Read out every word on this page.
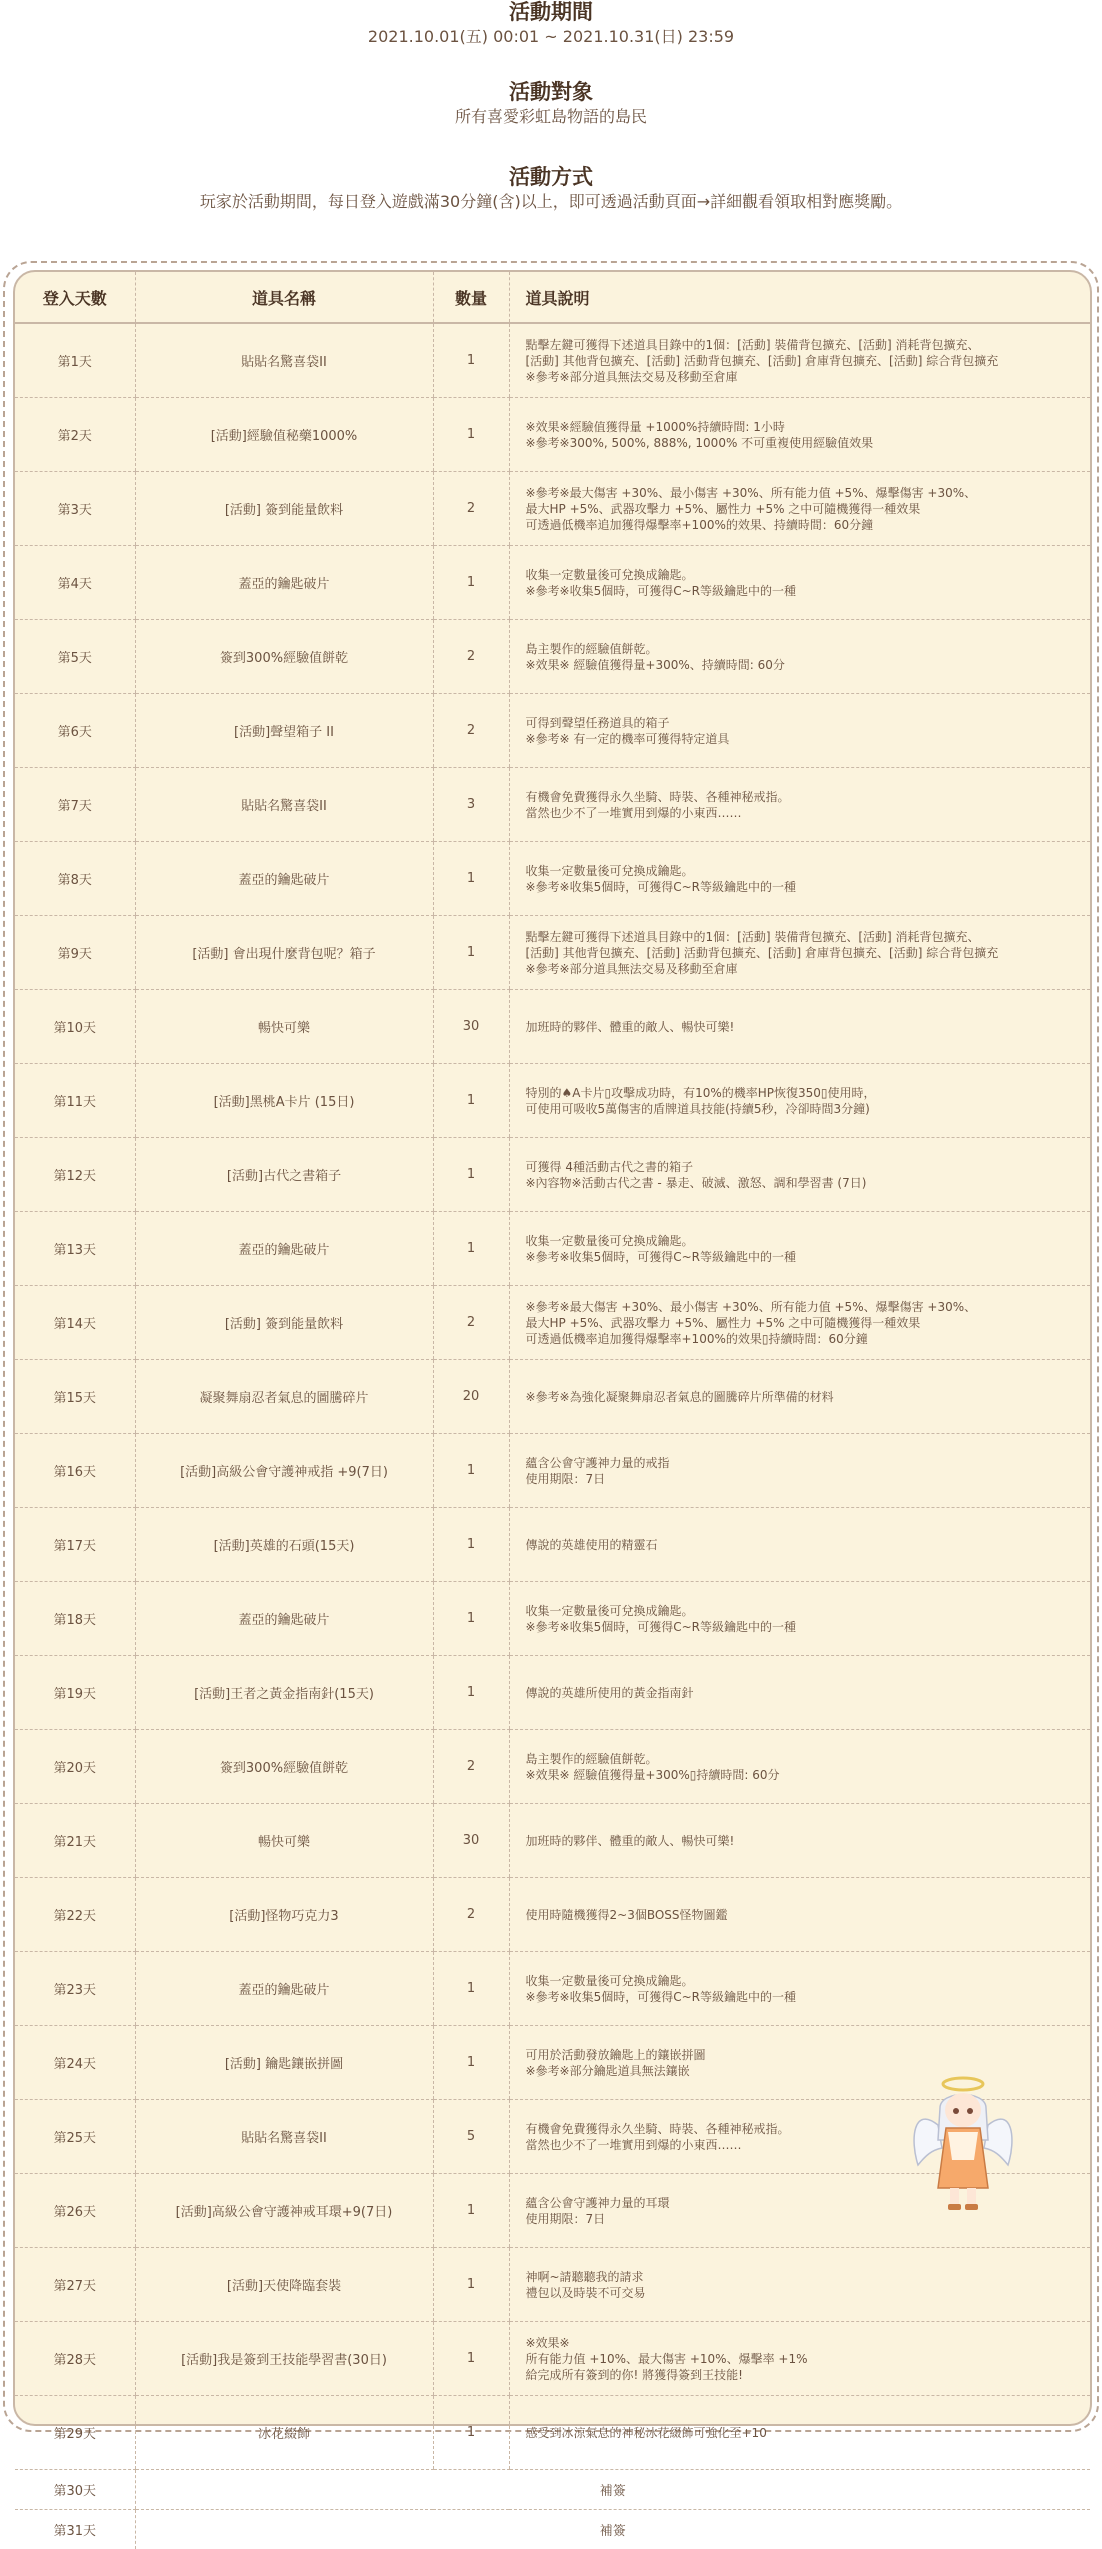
活動期間
2021.10.01(五) 00:01 ~ 2021.10.31(日) 23:59
活動對象
所有喜愛彩虹島物語的島民
活動方式
玩家於活動期間，每日登入遊戲滿30分鐘(含)以上，即可透過活動頁面→詳細觀看領取相對應獎勵。
登入天數	道具名稱	數量	道具說明
第1天	貼貼名驚喜袋II	1	點擊左鍵可獲得下述道具目錄中的1個：[活動] 裝備背包擴充、[活動] 消耗背包擴充、
[活動] 其他背包擴充、[活動] 活動背包擴充、[活動] 倉庫背包擴充、[活動] 綜合背包擴充
※參考※部分道具無法交易及移動至倉庫

第2天	[活動]經驗值秘藥1000%	1	※效果※經驗值獲得量 +1000%持續時間: 1小時
※參考※300%, 500%, 888%, 1000% 不可重複使用經驗值效果

第3天	[活動] 簽到能量飲料	2	※參考※最大傷害 +30%、最小傷害 +30%、所有能力值 +5%、爆擊傷害 +30%、
最大HP +5%、武器攻擊力 +5%、屬性力 +5% 之中可隨機獲得一種效果
可透過低機率追加獲得爆擊率+100%的效果、持續時間：60分鐘

第4天	蓋亞的鑰匙破片	1	收集一定數量後可兌換成鑰匙。
※參考※收集5個時，可獲得C~R等級鑰匙中的一種

第5天	簽到300%經驗值餅乾	2	島主製作的經驗值餅乾。
※效果※ 經驗值獲得量+300%、持續時間: 60分

第6天	[活動]聲望箱子 II	2	可得到聲望任務道具的箱子
※參考※ 有一定的機率可獲得特定道具

第7天	貼貼名驚喜袋II	3	有機會免費獲得永久坐騎、時裝、各種神秘戒指。
當然也少不了一堆實用到爆的小東西……

第8天	蓋亞的鑰匙破片	1	收集一定數量後可兌換成鑰匙。
※參考※收集5個時，可獲得C~R等級鑰匙中的一種

第9天	[活動] 會出現什麼背包呢？箱子	1	點擊左鍵可獲得下述道具目錄中的1個：[活動] 裝備背包擴充、[活動] 消耗背包擴充、
[活動] 其他背包擴充、[活動] 活動背包擴充、[活動] 倉庫背包擴充、[活動] 綜合背包擴充
※參考※部分道具無法交易及移動至倉庫

第10天	暢快可樂	30	加班時的夥伴、體重的敵人、暢快可樂!

第11天	[活動]黑桃A卡片 (15日)	1	特別的♠A卡片▯攻擊成功時，有10%的機率HP恢復350▯使用時，
可使用可吸收5萬傷害的盾牌道具技能(持續5秒，冷卻時間3分鐘)

第12天	[活動]古代之書箱子	1	可獲得 4種活動古代之書的箱子
※內容物※活動古代之書 - 暴走、破滅、激怒、調和學習書 (7日)

第13天	蓋亞的鑰匙破片	1	收集一定數量後可兌換成鑰匙。
※參考※收集5個時，可獲得C~R等級鑰匙中的一種

第14天	[活動] 簽到能量飲料	2	※參考※最大傷害 +30%、最小傷害 +30%、所有能力值 +5%、爆擊傷害 +30%、
最大HP +5%、武器攻擊力 +5%、屬性力 +5% 之中可隨機獲得一種效果
可透過低機率追加獲得爆擊率+100%的效果▯持續時間：60分鐘

第15天	凝聚舞扇忍者氣息的圖騰碎片	20	※參考※為強化凝聚舞扇忍者氣息的圖騰碎片所準備的材料

第16天	[活動]高級公會守護神戒指 +9(7日)	1	蘊含公會守護神力量的戒指
使用期限：7日

第17天	[活動]英雄的石頭(15天)	1	傳說的英雄使用的精靈石

第18天	蓋亞的鑰匙破片	1	收集一定數量後可兌換成鑰匙。
※參考※收集5個時，可獲得C~R等級鑰匙中的一種

第19天	[活動]王者之黃金指南針(15天)	1	傳說的英雄所使用的黃金指南針

第20天	簽到300%經驗值餅乾	2	島主製作的經驗值餅乾。
※效果※ 經驗值獲得量+300%▯持續時間: 60分

第21天	暢快可樂	30	加班時的夥伴、體重的敵人、暢快可樂!

第22天	[活動]怪物巧克力3	2	使用時隨機獲得2~3個BOSS怪物圖鑑

第23天	蓋亞的鑰匙破片	1	收集一定數量後可兌換成鑰匙。
※參考※收集5個時，可獲得C~R等級鑰匙中的一種

第24天	[活動] 鑰匙鑲嵌拼圖	1	可用於活動發放鑰匙上的鑲嵌拼圖
※參考※部分鑰匙道具無法鑲嵌

第25天	貼貼名驚喜袋II	5	有機會免費獲得永久坐騎、時裝、各種神秘戒指。
當然也少不了一堆實用到爆的小東西……

第26天	[活動]高級公會守護神戒耳環+9(7日)	1	蘊含公會守護神力量的耳環
使用期限：7日

第27天	[活動]天使降臨套裝	1	神啊~請聽聽我的請求
禮包以及時裝不可交易

第28天	[活動]我是簽到王技能學習書(30日)	1	※效果※
所有能力值 +10%、最大傷害 +10%、爆擊率 +1%
給完成所有簽到的你! 將獲得簽到王技能!

第29天	冰花綴飾	1	感受到冰涼氣息的神秘冰花綴飾可強化至+10

第30天	補簽		
第31天	補簽		
